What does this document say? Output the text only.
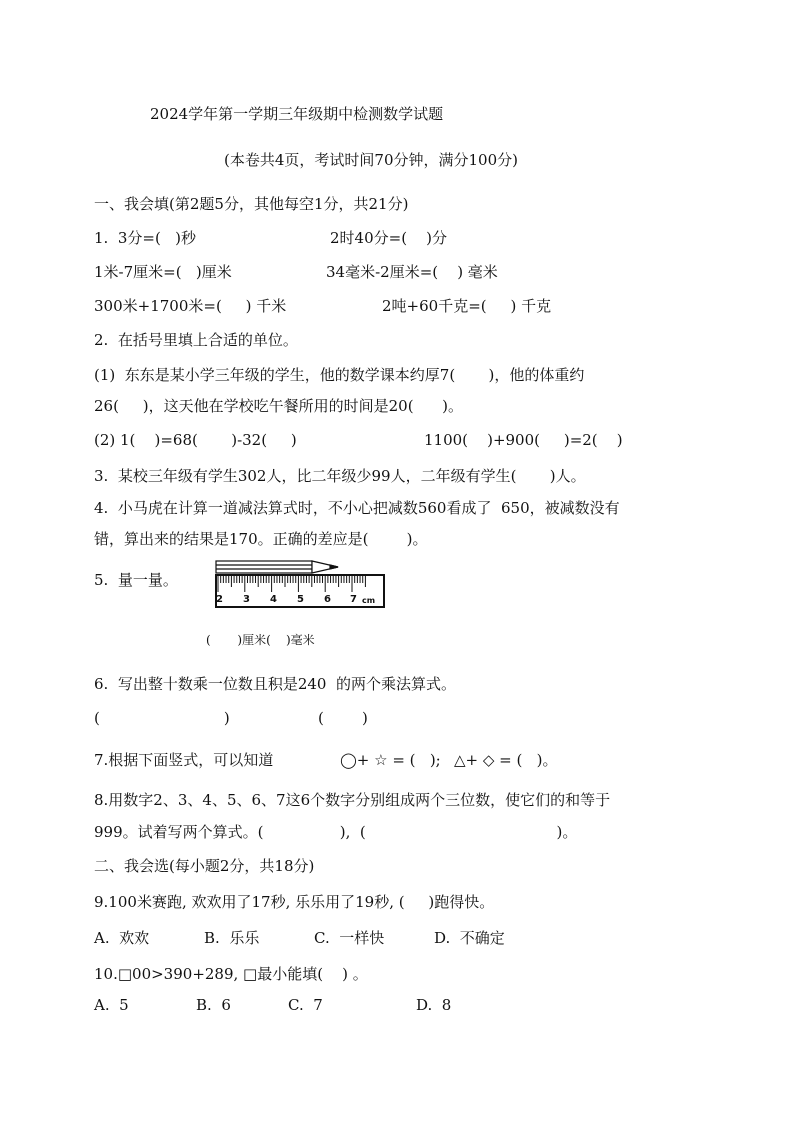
2024学年第一学期三年级期中检测数学试题
(本卷共4页，考试时间70分钟，满分100分)
一、我会填(第2题5分，其他每空1分，共21分)
1.  3分=(   )秒	2时40分=(    )分
1米-7厘米=(   )厘米	34毫米-2厘米=(    ) 毫米
300米+1700米=(     ) 千米	2吨+60千克=(     ) 千克
2.  在括号里填上合适的单位。
(1)  东东是某小学三年级的学生，他的数学课本约厚7(       )，他的体重约
26(     )，这天他在学校吃午餐所用的时间是20(      )。
(2) 1(    )=68(       )-32(     )	1100(    )+900(     )=2(    )
3.  某校三年级有学生302人，比二年级少99人，二年级有学生(       )人。
4.  小马虎在计算一道减法算式时，不小心把减数560看成了  650，被减数没有
错，算出来的结果是170。正确的差应是(        )。
5.  量一量。
2 3 4 5 6 7 cm
(       )厘米(    )毫米
6.  写出整十数乘一位数且积是240  的两个乘法算式。
(                          )	(        )
7.根据下面竖式，可以知道	◯+ ☆ = (   ); △+ ◇ = (   )。
8.用数字2、3、4、5、6、7这6个数字分别组成两个三位数，使它们的和等于
999。试着写两个算式。(                ),  (                                        )。
二、我会选(每小题2分，共18分)
9.100米赛跑, 欢欢用了17秒, 乐乐用了19秒, (     )跑得快。
A.  欢欢	B.  乐乐	C.  一样快	D.  不确定
10.□00>390+289, □最小能填(    ) 。
A.  5	B.  6	C.  7	D.  8
